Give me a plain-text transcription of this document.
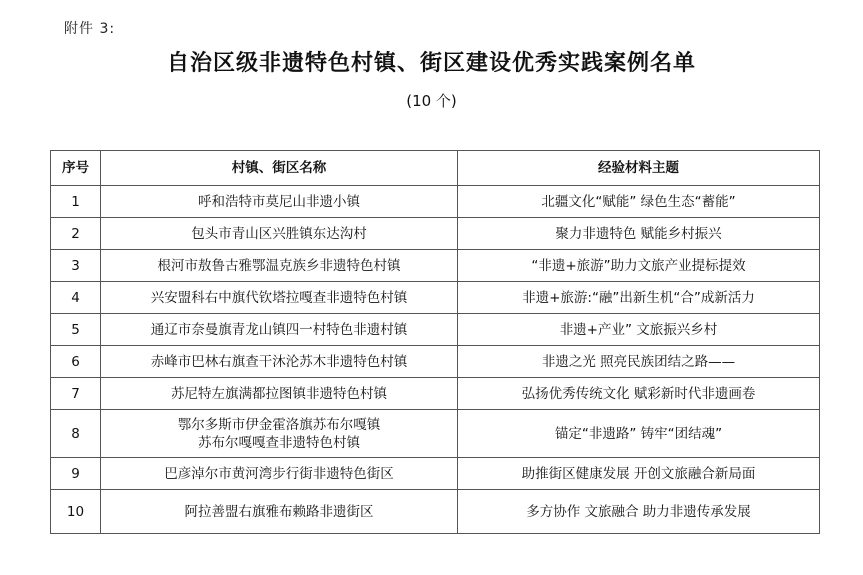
附件 3:
自治区级非遗特色村镇、街区建设优秀实践案例名单
(10 个)
序号	村镇、街区名称	经验材料主题
1	呼和浩特市莫尼山非遗小镇	北疆文化“赋能” 绿色生态“蓄能”
2	包头市青山区兴胜镇东达沟村	聚力非遗特色 赋能乡村振兴
3	根河市敖鲁古雅鄂温克族乡非遗特色村镇	“非遗+旅游”助力文旅产业提标提效
4	兴安盟科右中旗代钦塔拉嘎查非遗特色村镇	非遗+旅游:“融”出新生机“合”成新活力
5	通辽市奈曼旗青龙山镇四一村特色非遗村镇	非遗+产业” 文旅振兴乡村
6	赤峰市巴林右旗查干沐沦苏木非遗特色村镇	非遗之光 照亮民族团结之路——
7	苏尼特左旗满都拉图镇非遗特色村镇	弘扬优秀传统文化 赋彩新时代非遗画卷
8	鄂尔多斯市伊金霍洛旗苏布尔嘎镇
苏布尔嘎嘎查非遗特色村镇	锚定“非遗路” 铸牢“团结魂”
9	巴彦淖尔市黄河湾步行街非遗特色街区	助推街区健康发展 开创文旅融合新局面
10	阿拉善盟右旗雅布赖路非遗街区	多方协作 文旅融合 助力非遗传承发展
